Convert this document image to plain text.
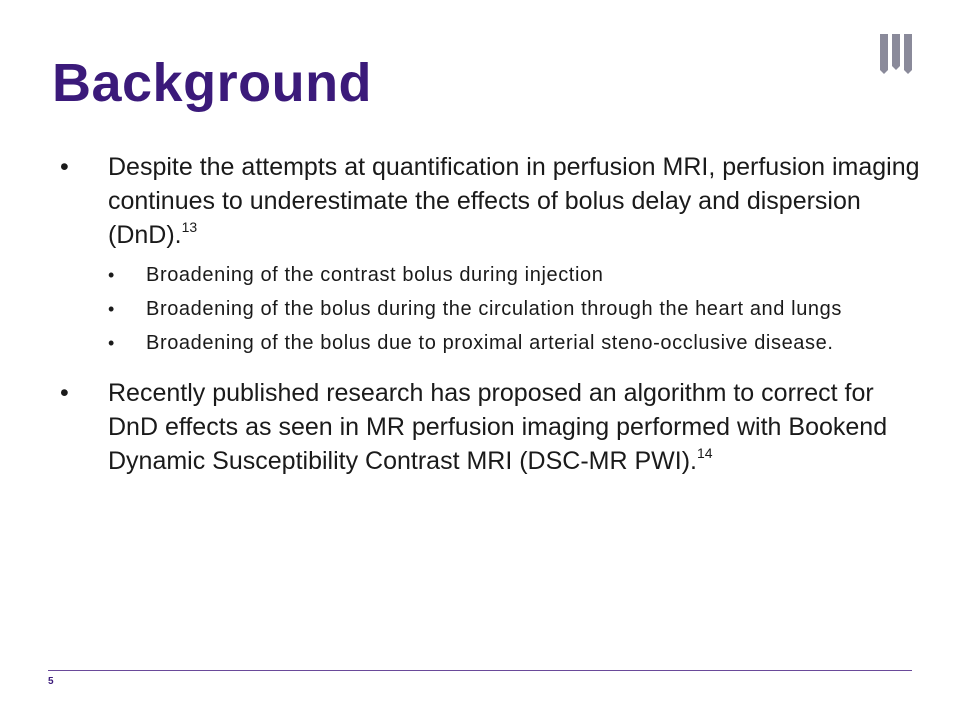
Background

• Despite the attempts at quantification in perfusion MRI, perfusion imaging continues to underestimate the effects of bolus delay and dispersion (DnD).$^{13}$

• Broadening of the contrast bolus during injection
• Broadening of the bolus during the circulation through the heart and lungs
• Broadening of the bolus due to proximal arterial steno-occlusive disease.

• Recently published research has proposed an algorithm to correct for DnD effects as seen in MR perfusion imaging performed with Bookend Dynamic Susceptibility Contrast MRI (DSC-MR PWI).$^{14}$

5
